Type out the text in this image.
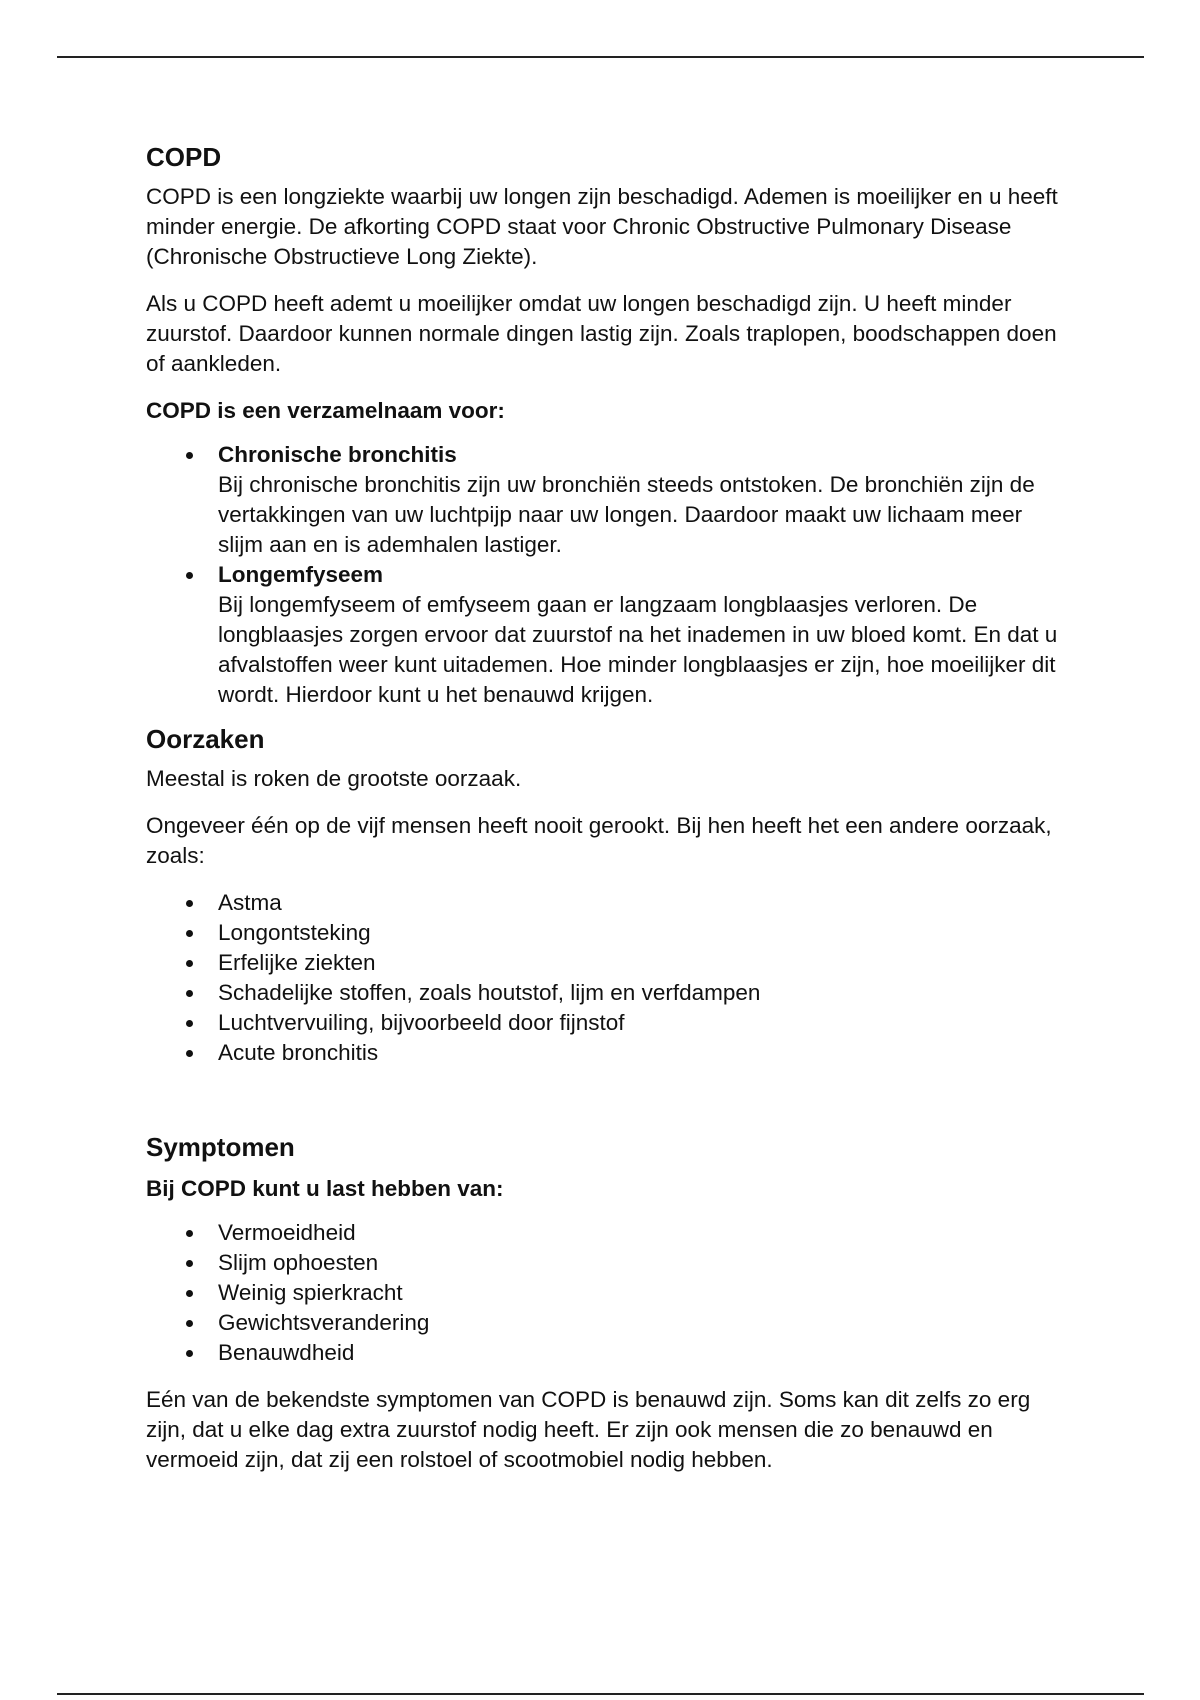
COPD

COPD is een longziekte waarbij uw longen zijn beschadigd. Ademen is moeilijker en u heeft minder energie. De afkorting COPD staat voor Chronic Obstructive Pulmonary Disease (Chronische Obstructieve Long Ziekte).

Als u COPD heeft ademt u moeilijker omdat uw longen beschadigd zijn. U heeft minder zuurstof. Daardoor kunnen normale dingen lastig zijn. Zoals traplopen, boodschappen doen of aankleden.

COPD is een verzamelnaam voor:

Chronische bronchitis
Bij chronische bronchitis zijn uw bronchiën steeds ontstoken. De bronchiën zijn de vertakkingen van uw luchtpijp naar uw longen. Daardoor maakt uw lichaam meer slijm aan en is ademhalen lastiger.
Longemfyseem
Bij longemfyseem of emfyseem gaan er langzaam longblaasjes verloren. De longblaasjes zorgen ervoor dat zuurstof na het inademen in uw bloed komt. En dat u afvalstoffen weer kunt uitademen. Hoe minder longblaasjes er zijn, hoe moeilijker dit wordt. Hierdoor kunt u het benauwd krijgen.
Oorzaken

Meestal is roken de grootste oorzaak.

Ongeveer één op de vijf mensen heeft nooit gerookt. Bij hen heeft het een andere oorzaak, zoals:

Astma
Longontsteking
Erfelijke ziekten
Schadelijke stoffen, zoals houtstof, lijm en verfdampen
Luchtvervuiling, bijvoorbeeld door fijnstof
Acute bronchitis
Symptomen

Bij COPD kunt u last hebben van:

Vermoeidheid
Slijm ophoesten
Weinig spierkracht
Gewichtsverandering
Benauwdheid

Eén van de bekendste symptomen van COPD is benauwd zijn. Soms kan dit zelfs zo erg zijn, dat u elke dag extra zuurstof nodig heeft. Er zijn ook mensen die zo benauwd en vermoeid zijn, dat zij een rolstoel of scootmobiel nodig hebben.
